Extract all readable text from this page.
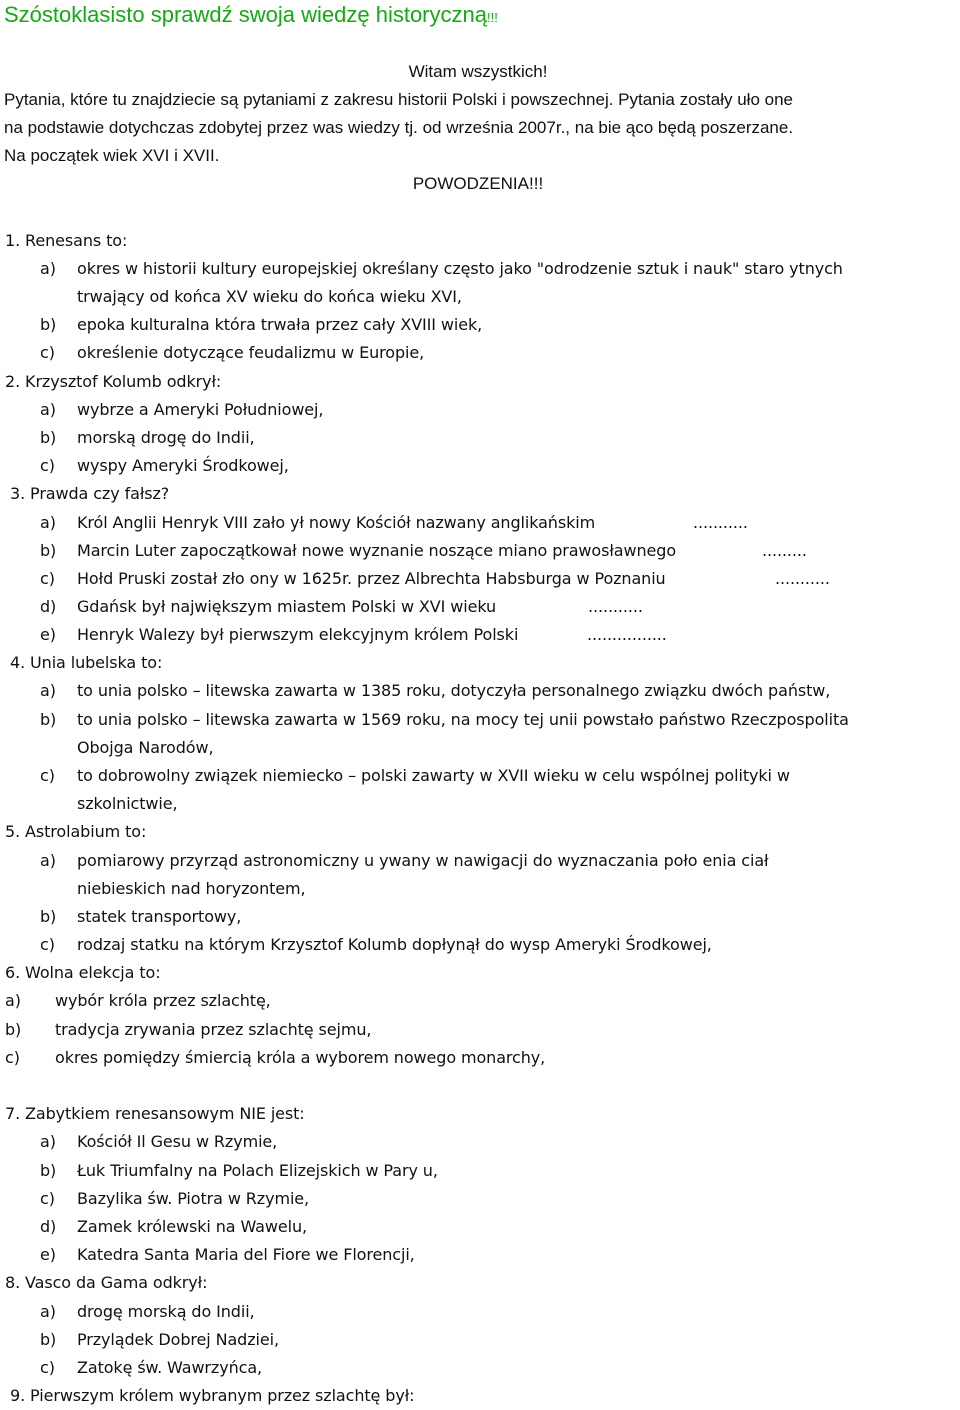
Szóstoklasisto sprawdź swoja wiedzę historyczną!!!
Witam wszystkich!
Pytania, które tu znajdziecie są pytaniami z zakresu historii Polski i powszechnej. Pytania zostały uło one
na podstawie dotychczas zdobytej przez was wiedzy tj. od września 2007r., na bie ąco będą poszerzane.
Na początek wiek XVI i XVII.
POWODZENIA!!!
1. Renesans to:
a) okres w historii kultury europejskiej określany często jako "odrodzenie sztuk i nauk" staro ytnych
trwający od końca XV wieku do końca wieku XVI,
b) epoka kulturalna która trwała przez cały XVIII wiek,
c) określenie dotyczące feudalizmu w Europie,
2. Krzysztof Kolumb odkrył:
a) wybrze a Ameryki Południowej,
b) morską drogę do Indii,
c) wyspy Ameryki Środkowej,
3. Prawda czy fałsz?
a) Król Anglii Henryk VIII zało ył nowy Kościół nazwany anglikańskim	...........
b) Marcin Luter zapoczątkował nowe wyznanie noszące miano prawosławnego	.........
c) Hołd Pruski został zło ony w 1625r. przez Albrechta Habsburga w Poznaniu	...........
d) Gdańsk był największym miastem Polski w XVI wieku	...........
e) Henryk Walezy był pierwszym elekcyjnym królem Polski	................
4. Unia lubelska to:
a) to unia polsko – litewska zawarta w 1385 roku, dotyczyła personalnego związku dwóch państw,
b) to unia polsko – litewska zawarta w 1569 roku, na mocy tej unii powstało państwo Rzeczpospolita
Obojga Narodów,
c) to dobrowolny związek niemiecko – polski zawarty w XVII wieku w celu wspólnej polityki w
szkolnictwie,
5. Astrolabium to:
a) pomiarowy przyrząd astronomiczny u ywany w nawigacji do wyznaczania poło enia ciał
niebieskich nad horyzontem,
b) statek transportowy,
c) rodzaj statku na którym Krzysztof Kolumb dopłynął do wysp Ameryki Środkowej,
6. Wolna elekcja to:
a) wybór króla przez szlachtę,
b) tradycja zrywania przez szlachtę sejmu,
c) okres pomiędzy śmiercią króla a wyborem nowego monarchy,
7. Zabytkiem renesansowym NIE jest:
a) Kościół Il Gesu w Rzymie,
b) Łuk Triumfalny na Polach Elizejskich w Pary u,
c) Bazylika św. Piotra w Rzymie,
d) Zamek królewski na Wawelu,
e) Katedra Santa Maria del Fiore we Florencji,
8. Vasco da Gama odkrył:
a) drogę morską do Indii,
b) Przylądek Dobrej Nadziei,
c) Zatokę św. Wawrzyńca,
9. Pierwszym królem wybranym przez szlachtę był:
